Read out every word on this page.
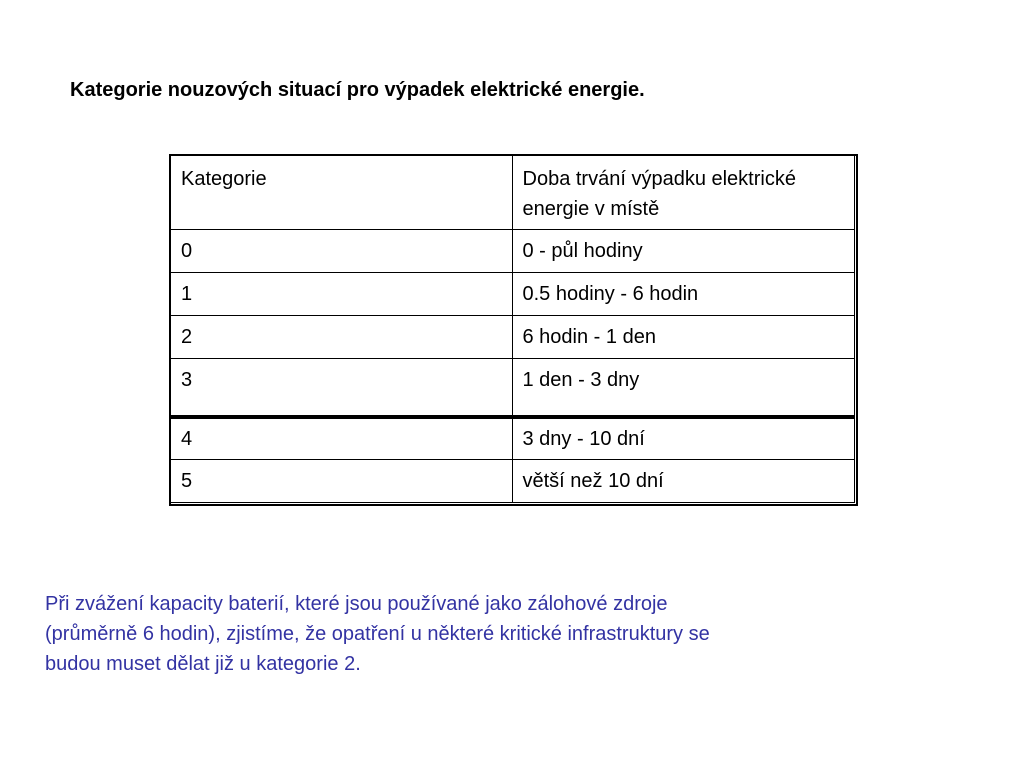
Kategorie nouzových situací pro výpadek elektrické energie.
Kategorie	Doba trvání výpadku elektrické energie v místě
0	0 - půl hodiny
1	0.5 hodiny - 6 hodin
2	6 hodin - 1 den
3	1 den - 3 dny
4	3 dny - 10 dní
5	větší než 10 dní

Při zvážení kapacity baterií, které jsou používané jako zálohové zdroje
(průměrně 6 hodin), zjistíme, že opatření u některé kritické infrastruktury se
budou muset dělat již u kategorie 2.
